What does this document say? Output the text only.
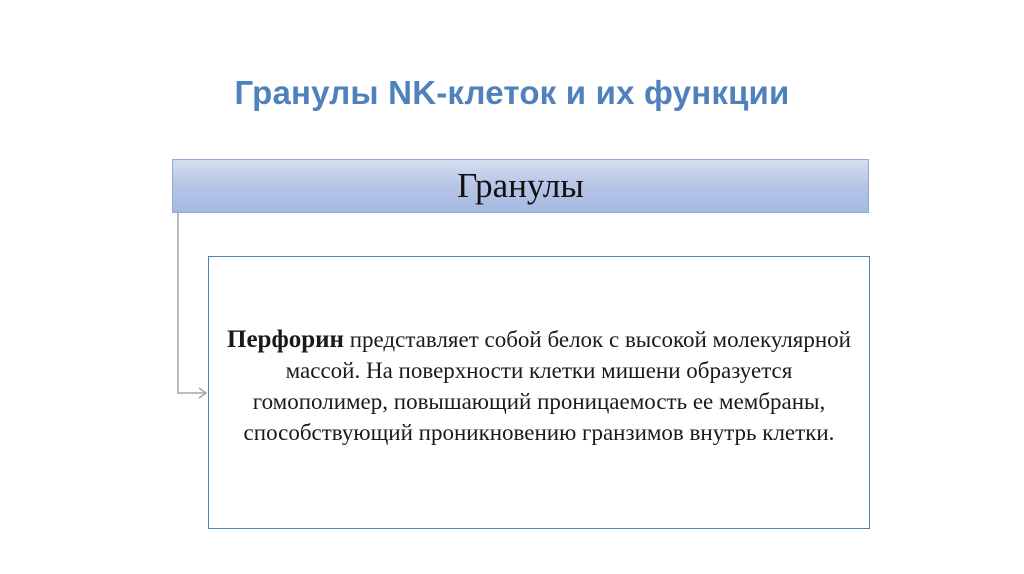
Гранулы NK-клеток и их функции
Гранулы
Перфорин представляет собой белок с высокой молекулярной массой. На поверхности клетки мишени образуется гомополимер, повышающий проницаемость ее мембраны, способствующий проникновению гранзимов внутрь клетки.
